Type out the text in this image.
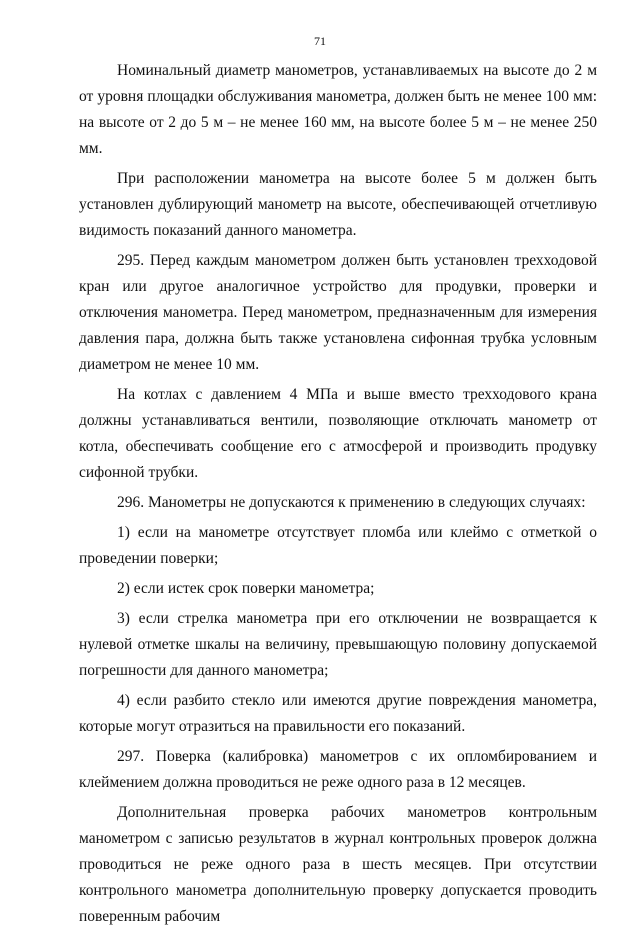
71

Номинальный диаметр манометров, устанавливаемых на высоте до 2 м от уровня площадки обслуживания манометра, должен быть не менее 100 мм: на высоте от 2 до 5 м – не менее 160 мм, на высоте более 5 м – не менее 250 мм.

При расположении манометра на высоте более 5 м должен быть установлен дублирующий манометр на высоте, обеспечивающей отчетливую видимость показаний данного манометра.

295. Перед каждым манометром должен быть установлен трехходовой кран или другое аналогичное устройство для продувки, проверки и отключения манометра. Перед манометром, предназначенным для измерения давления пара, должна быть также установлена сифонная трубка условным диаметром не менее 10 мм.

На котлах с давлением 4 МПа и выше вместо трехходового крана должны устанавливаться вентили, позволяющие отключать манометр от котла, обеспечивать сообщение его с атмосферой и производить продувку сифонной трубки.

296. Манометры не допускаются к применению в следующих случаях:

1) если на манометре отсутствует пломба или клеймо с отметкой о проведении поверки;

2) если истек срок поверки манометра;

3) если стрелка манометра при его отключении не возвращается к нулевой отметке шкалы на величину, превышающую половину допускаемой погрешности для данного манометра;

4) если разбито стекло или имеются другие повреждения манометра, которые могут отразиться на правильности его показаний.

297. Поверка (калибровка) манометров с их опломбированием и клеймением должна проводиться не реже одного раза в 12 месяцев.

Дополнительная проверка рабочих манометров контрольным манометром с записью результатов в журнал контрольных проверок должна проводиться не реже одного раза в шесть месяцев. При отсутствии контрольного манометра дополнительную проверку допускается проводить поверенным рабочим
